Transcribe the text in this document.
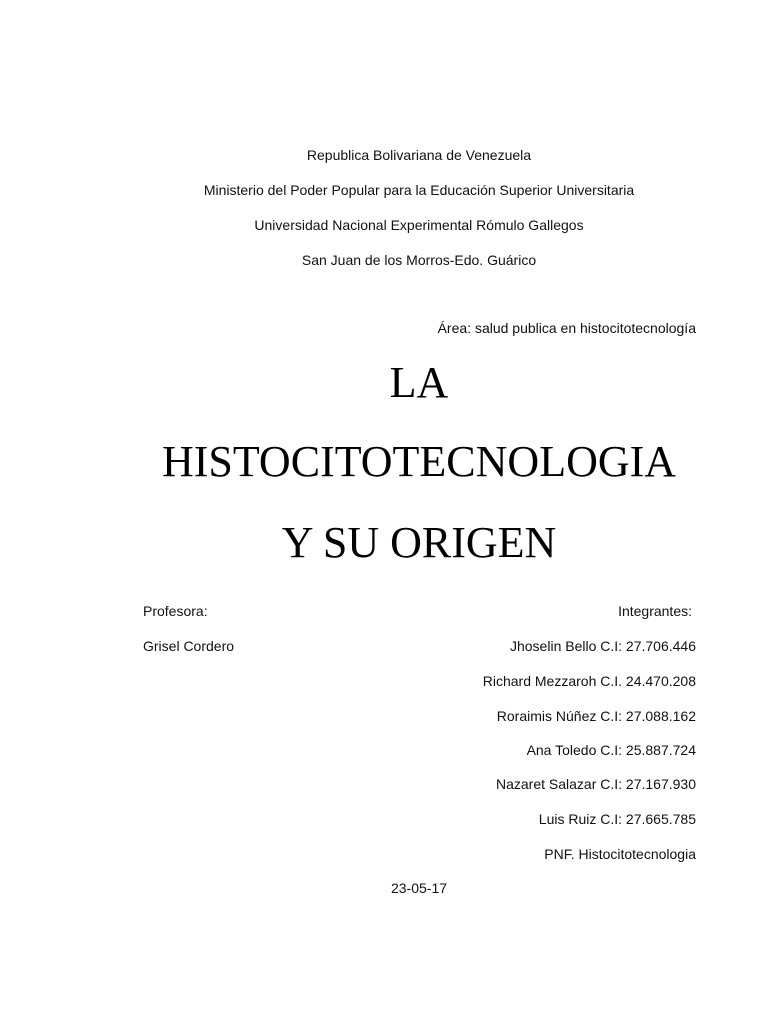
Republica Bolivariana de Venezuela
Ministerio del Poder Popular para la Educación Superior Universitaria
Universidad Nacional Experimental Rómulo Gallegos
San Juan de los Morros-Edo. Guárico
Área: salud publica en histocitotecnología
LA
HISTOCITOTECNOLOGIA
Y SU ORIGEN
Profesora:
Grisel Cordero
Integrantes:
Jhoselin Bello C.I: 27.706.446
Richard Mezzaroh C.I. 24.470.208
Roraimis Núñez C.I: 27.088.162
Ana Toledo C.I: 25.887.724
Nazaret Salazar C.I: 27.167.930
Luis Ruiz C.I: 27.665.785
PNF. Histocitotecnologia
23-05-17
